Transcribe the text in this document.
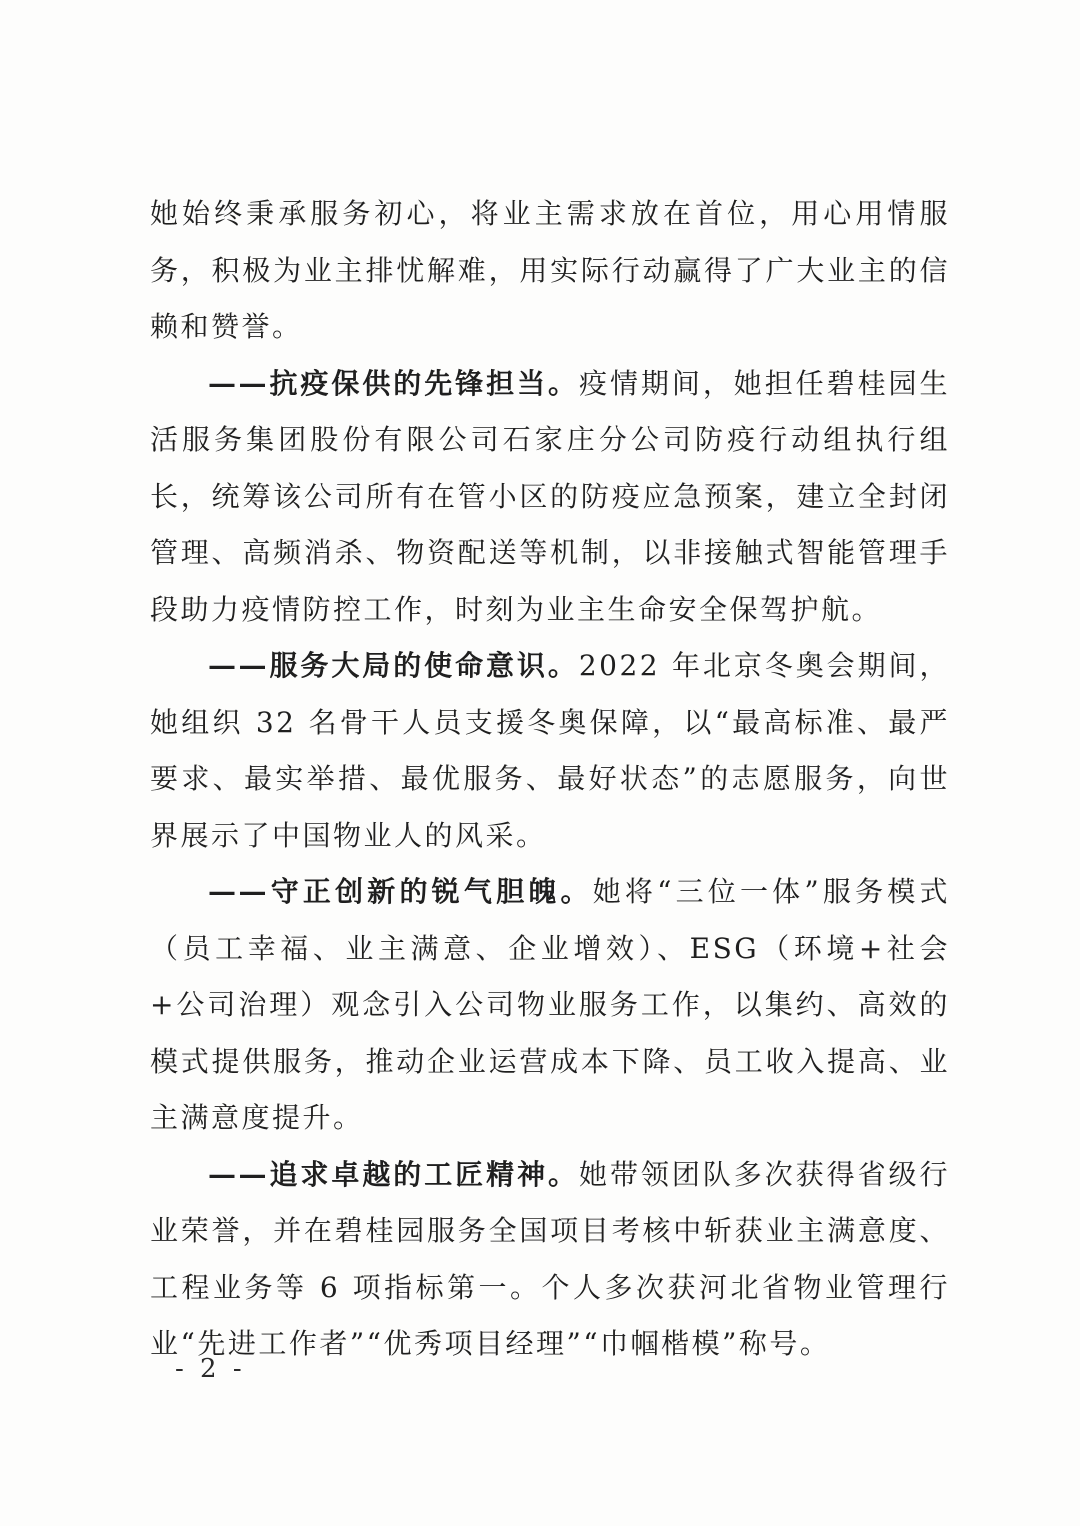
她始终秉承服务初心，将业主需求放在首位，用心用情服务，积极为业主排忧解难，用实际行动赢得了广大业主的信赖和赞誉。

——抗疫保供的先锋担当。疫情期间，她担任碧桂园生活服务集团股份有限公司石家庄分公司防疫行动组执行组长，统筹该公司所有在管小区的防疫应急预案，建立全封闭管理、高频消杀、物资配送等机制，以非接触式智能管理手段助力疫情防控工作，时刻为业主生命安全保驾护航。

——服务大局的使命意识。2022 年北京冬奥会期间，她组织 32 名骨干人员支援冬奥保障，以“最高标准、最严要求、最实举措、最优服务、最好状态”的志愿服务，向世界展示了中国物业人的风采。

——守正创新的锐气胆魄。她将“三位一体”服务模式（员工幸福、业主满意、企业增效）、ESG（环境+社会+公司治理）观念引入公司物业服务工作，以集约、高效的模式提供服务，推动企业运营成本下降、员工收入提高、业主满意度提升。

——追求卓越的工匠精神。她带领团队多次获得省级行业荣誉，并在碧桂园服务全国项目考核中斩获业主满意度、工程业务等 6 项指标第一。个人多次获河北省物业管理行业“先进工作者”“优秀项目经理”“巾帼楷模”称号。

- 2 -
